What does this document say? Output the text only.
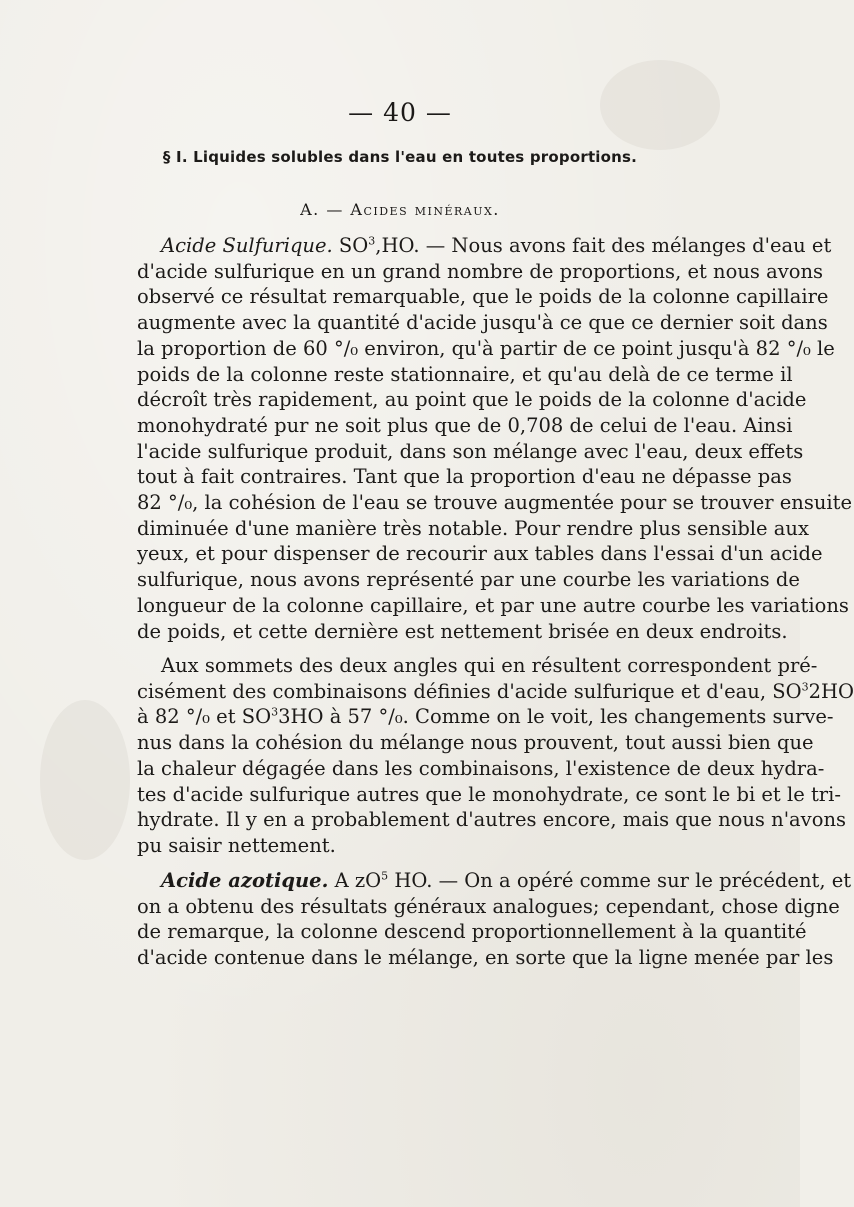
— 40 —
§ I. Liquides solubles dans l'eau en toutes proportions.
A. — Acides minéraux.
Acide Sulfurique. $SO^3,HO$. — Nous avons fait des mélanges d'eau et
d'acide sulfurique en un grand nombre de proportions, et nous avons
observé ce résultat remarquable, que le poids de la colonne capillaire
augmente avec la quantité d'acide jusqu'à ce que ce dernier soit dans
la proportion de 60 °/₀ environ, qu'à partir de ce point jusqu'à 82 °/₀ le
poids de la colonne reste stationnaire, et qu'au delà de ce terme il
décroît très rapidement, au point que le poids de la colonne d'acide
monohydraté pur ne soit plus que de 0,708 de celui de l'eau. Ainsi
l'acide sulfurique produit, dans son mélange avec l'eau, deux effets
tout à fait contraires. Tant que la proportion d'eau ne dépasse pas
82 °/₀, la cohésion de l'eau se trouve augmentée pour se trouver ensuite
diminuée d'une manière très notable. Pour rendre plus sensible aux
yeux, et pour dispenser de recourir aux tables dans l'essai d'un acide
sulfurique, nous avons représenté par une courbe les variations de
longueur de la colonne capillaire, et par une autre courbe les variations
de poids, et cette dernière est nettement brisée en deux endroits.
Aux sommets des deux angles qui en résultent correspondent pré-
cisément des combinaisons définies d'acide sulfurique et d'eau, $SO^32HO$
à 82 °/₀ et $SO^33HO$ à 57 °/₀. Comme on le voit, les changements surve-
nus dans la cohésion du mélange nous prouvent, tout aussi bien que
la chaleur dégagée dans les combinaisons, l'existence de deux hydra-
tes d'acide sulfurique autres que le monohydrate, ce sont le bi et le tri-
hydrate. Il y en a probablement d'autres encore, mais que nous n'avons
pu saisir nettement.
Acide azotique. A $zO^5$ HO. — On a opéré comme sur le précédent, et
on a obtenu des résultats généraux analogues; cependant, chose digne
de remarque, la colonne descend proportionnellement à la quantité
d'acide contenue dans le mélange, en sorte que la ligne menée par les
